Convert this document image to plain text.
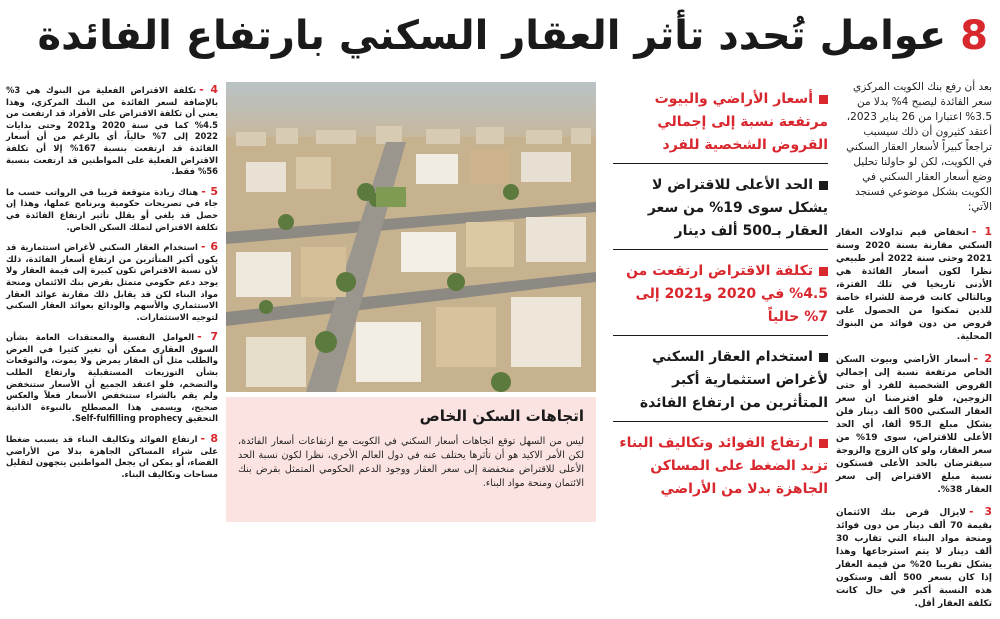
8 عوامل تُحدد تأثر العقار السكني بارتفاع الفائدة

بعد أن رفع بنك الكويت المركزي سعر الفائدة ليصبح 4% بدلا من 3.5% اعتبارا من 26 يناير 2023، أعتقد كثيرون أن ذلك سيسبب تراجعاً كبيراً لأسعار العقار السكني في الكويت، لكن لو حاولنا تحليل وضع أسعار العقار السكني في الكويت بشكل موضوعي فسنجد الآتي:

1 -انخفاض قيم تداولات العقار السكني مقارنة بسنة 2020 وسنة 2021 وحتى سنة 2022 أمر طبيعي نظرا لكون أسعار الفائدة هي الأدنى تاريخيا في تلك الفترة، وبالتالي كانت فرصة للشراء خاصة للذين تمكنوا من الحصول على قروض من دون فوائد من البنوك المحلية.

2 -أسعار الأراضي وبيوت السكن الخاص مرتفعة نسبة إلى إجمالي القروض الشخصية للفرد أو حتى الزوجين، فلو افترضنا ان سعر العقار السكني 500 ألف دينار فلن يشكل مبلغ الـ95 ألفا، أي الحد الأعلى للاقتراض، سوى 19% من سعر العقار، ولو كان الزوج والزوجة سيقترضان بالحد الأعلى فستكون نسبة مبلغ الاقتراض إلى سعر العقار 38%.

3 -لايزال قرض بنك الائتمان بقيمة 70 ألف دينار من دون فوائد ومنحة مواد البناء التي تقارب 30 ألف دينار لا يتم استرجاعها وهذا يشكل تقريبا 20% من قيمة العقار إذا كان بسعر 500 ألف وستكون هذه النسبة أكبر في حال كانت تكلفة العقار أقل.

أسعار الأراضي والبيوت مرتفعة نسبة إلى إجمالي القروض الشخصية للفرد
الحد الأعلى للاقتراض لا يشكل سوى 19% من سعر العقار بـ500 ألف دينار
تكلفة الاقتراض ارتفعت من 4.5% في 2020 و2021 إلى 7% حالياً
استخدام العقار السكني لأغراض استثمارية أكبر المتأثرين من ارتفاع الفائدة
ارتفاع الفوائد وتكاليف البناء تزيد الضغط على المساكن الجاهزة بدلا من الأراضي
اتجاهات السكن الخاص
ليس من السهل توقع اتجاهات أسعار السكني في الكويت مع ارتفاعات أسعار الفائدة، لكن الأمر الاكيد هو أن تأثرها يختلف عنه في دول العالم الأخرى، نظرا لكون نسبة الحد الأعلى للاقتراض منخفضة إلى سعر العقار ووجود الدعم الحكومي المتمثل بقرض بنك الائتمان ومنحة مواد البناء.

4 -تكلفة الاقتراض الفعلية من البنوك هي 3% بالإضافة لسعر الفائدة من البنك المركزي، وهذا يعني أن تكلفة الاقتراض على الأفراد قد ارتفعت من 4.5% كما في سنة 2020 و2021 وحتى بدايات 2022 إلى 7% حالياً، أي بالرغم من أن أسعار الفائدة قد ارتفعت بنسبة 167% إلا أن تكلفة الاقتراض الفعلية على المواطنين قد ارتفعت بنسبة 56% فقط.

5 -هناك زيادة متوقعة قريبا في الرواتب حسب ما جاء في تصريحات حكومية وبرنامج عملها، وهذا إن حصل قد يلغي أو يقلل تأثير ارتفاع الفائدة في تكلفة الاقتراض لتملك السكن الخاص.

6 -استخدام العقار السكني لأغراض استثمارية قد يكون أكبر المتأثرين من ارتفاع أسعار الفائدة، ذلك لأن نسبة الاقتراض تكون كبيرة إلى قيمة العقار ولا يوجد دعم حكومي متمثل بقرض بنك الائتمان ومنحة مواد البناء لكن قد يقابل ذلك مقارنة عوائد العقار الاستثماري والأسهم والودائع بعوائد العقار السكني لتوجيه الاستثمارات.

7 -العوامل النفسية والمعتقدات العامة بشأن السوق العقاري ممكن أن تغير كثيرا في العرض والطلب مثل أن العقار يمرض ولا يموت، والتوقعات بشأن التوزيعات المستقبلية وارتفاع الطلب والتضخم، فلو اعتقد الجميع أن الأسعار ستنخفض ولم يقم بالشراء ستنخفض الأسعار فعلاً والعكس صحيح، ويسمى هذا المصطلح بالنبوءة الذاتية التحقيق Self-fulfilling prophecy.

8 -ارتفاع الفوائد وتكاليف البناء قد يسبب ضغطا على شراء المساكن الجاهزة بدلا من الأراضي الفضاء، أو يمكن ان يجعل المواطنين يتجهون لتقليل مساحات وتكاليف البناء.
